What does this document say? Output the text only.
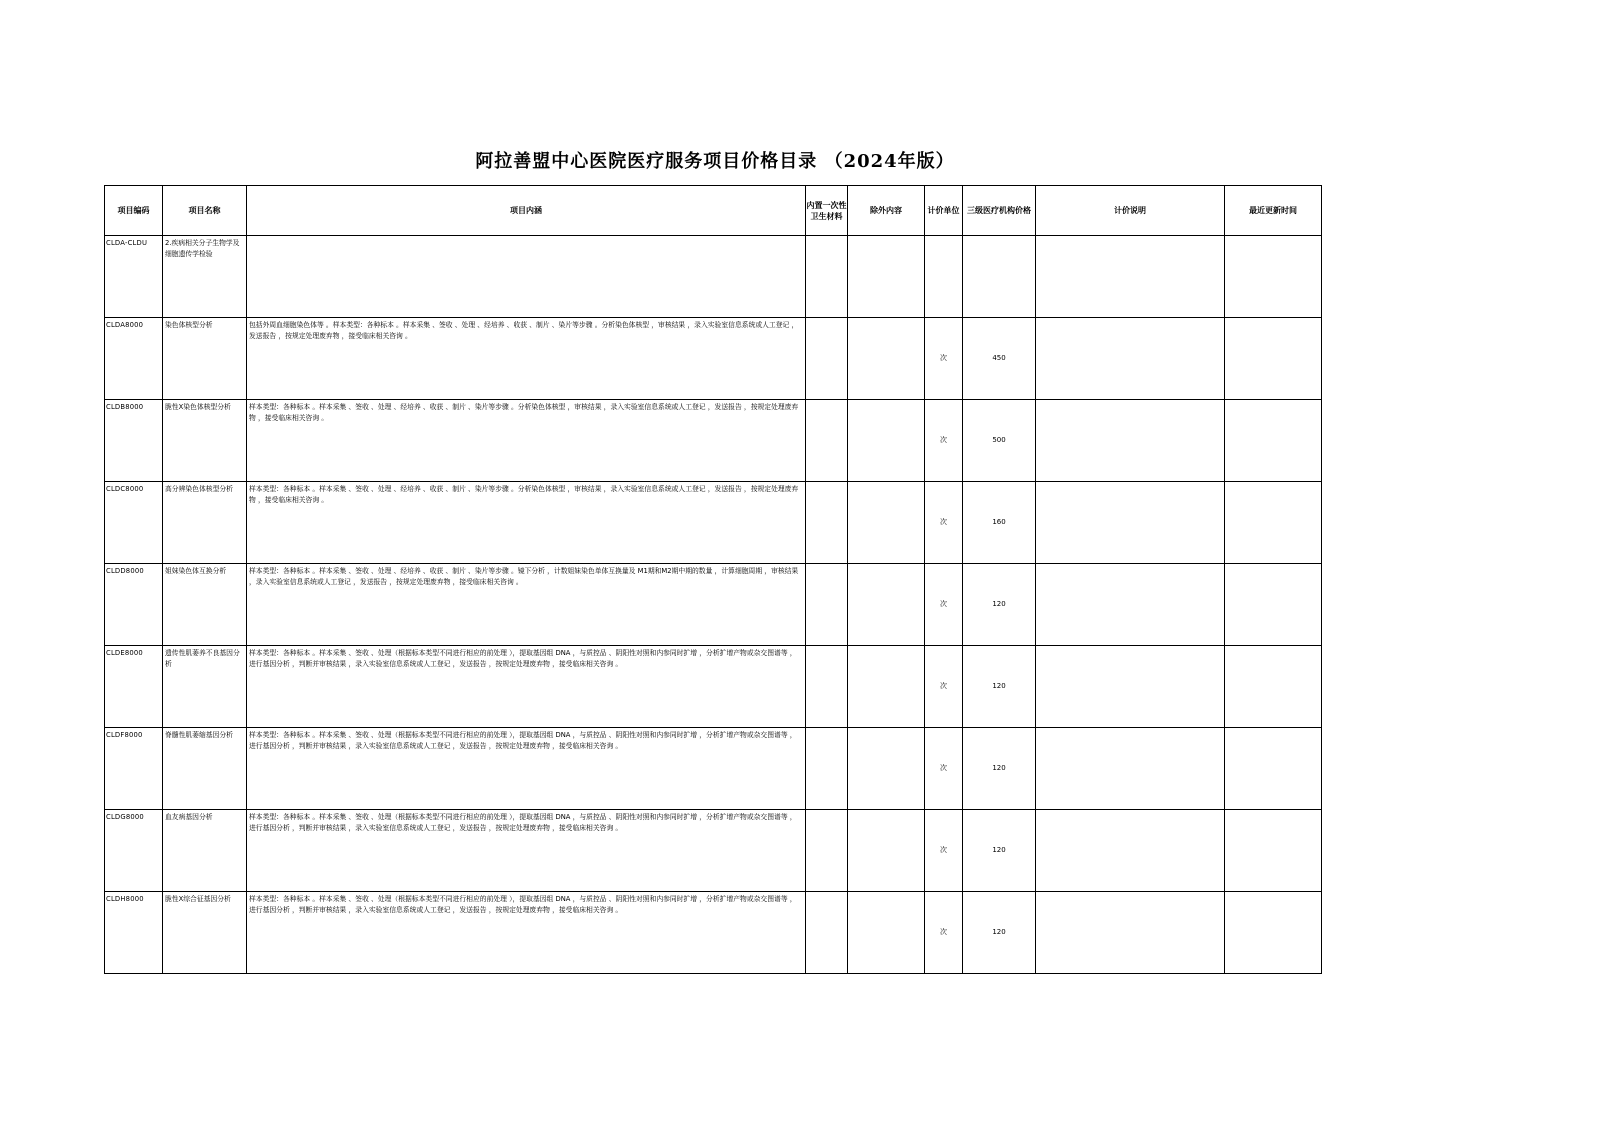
阿拉善盟中心医院医疗服务项目价格目录 （2024年版）
项目编码	项目名称	项目内涵	内置一次性卫生材料	除外内容	计价单位	三级医疗机构价格	计价说明	最近更新时间
CLDA-CLDU	2.疾病相关分子生物学及细胞遗传学检验							
CLDA8000	染色体核型分析	包括外周血细胞染色体等 。样本类型：各种标本 。样本采集 、签收 、处理 、经培养 、收获 、制片 、染片等步骤 。分析染色体核型 ，审核结果 ，录入实验室信息系统或人工登记 ，发送报告 ，按规定处理废弃物 ，接受临床相关咨询 。			次	450		
CLDB8000	脆性X染色体核型分析	样本类型：各种标本 。样本采集 、签收 、处理 、经培养 、收获 、制片 、染片等步骤 。分析染色体核型 ，审核结果 ，录入实验室信息系统或人工登记 ，发送报告 ，按规定处理废弃物 ，接受临床相关咨询 。			次	500		
CLDC8000	高分辨染色体核型分析	样本类型：各种标本 。样本采集 、签收 、处理 、经培养 、收获 、制片 、染片等步骤 。分析染色体核型 ，审核结果 ，录入实验室信息系统或人工登记 ，发送报告 ，按规定处理废弃物 ，接受临床相关咨询 。			次	160		
CLDD8000	姐妹染色体互换分析	样本类型：各种标本 。样本采集 、签收 、处理 、经培养 、收获 、制片 、染片等步骤 。镜下分析 ，计数姐妹染色单体互换量及 M1期和M2期中期的数量 ，计算细胞周期 ，审核结果 ，录入实验室信息系统或人工登记 ，发送报告 ，按规定处理废弃物 ，接受临床相关咨询 。			次	120		
CLDE8000	遗传性肌萎养不良基因分析	样本类型：各种标本 。样本采集 、签收 、处理（根据标本类型不同进行相应的前处理 ），提取基因组 DNA ，与质控品 、阴阳性对照和内参同时扩增 ，分析扩增产物或杂交图谱等 ，进行基因分析 ，判断并审核结果 ，录入实验室信息系统或人工登记 ，发送报告 ，按规定处理废弃物 ，接受临床相关咨询 。			次	120		
CLDF8000	脊髓性肌萎缩基因分析	样本类型：各种标本 。样本采集 、签收 、处理（根据标本类型不同进行相应的前处理 ），提取基因组 DNA ，与质控品 、阴阳性对照和内参同时扩增 ，分析扩增产物或杂交图谱等 ，进行基因分析 ，判断并审核结果 ，录入实验室信息系统或人工登记 ，发送报告 ，按规定处理废弃物 ，接受临床相关咨询 。			次	120		
CLDG8000	血友病基因分析	样本类型：各种标本 。样本采集 、签收 、处理（根据标本类型不同进行相应的前处理 ），提取基因组 DNA ，与质控品 、阴阳性对照和内参同时扩增 ，分析扩增产物或杂交图谱等 ，进行基因分析 ，判断并审核结果 ，录入实验室信息系统或人工登记 ，发送报告 ，按规定处理废弃物 ，接受临床相关咨询 。			次	120		
CLDH8000	脆性X综合征基因分析	样本类型：各种标本 。样本采集 、签收 、处理（根据标本类型不同进行相应的前处理 ），提取基因组 DNA ，与质控品 、阴阳性对照和内参同时扩增 ，分析扩增产物或杂交图谱等 ，进行基因分析 ，判断并审核结果 ，录入实验室信息系统或人工登记 ，发送报告 ，按规定处理废弃物 ，接受临床相关咨询 。			次	120		
